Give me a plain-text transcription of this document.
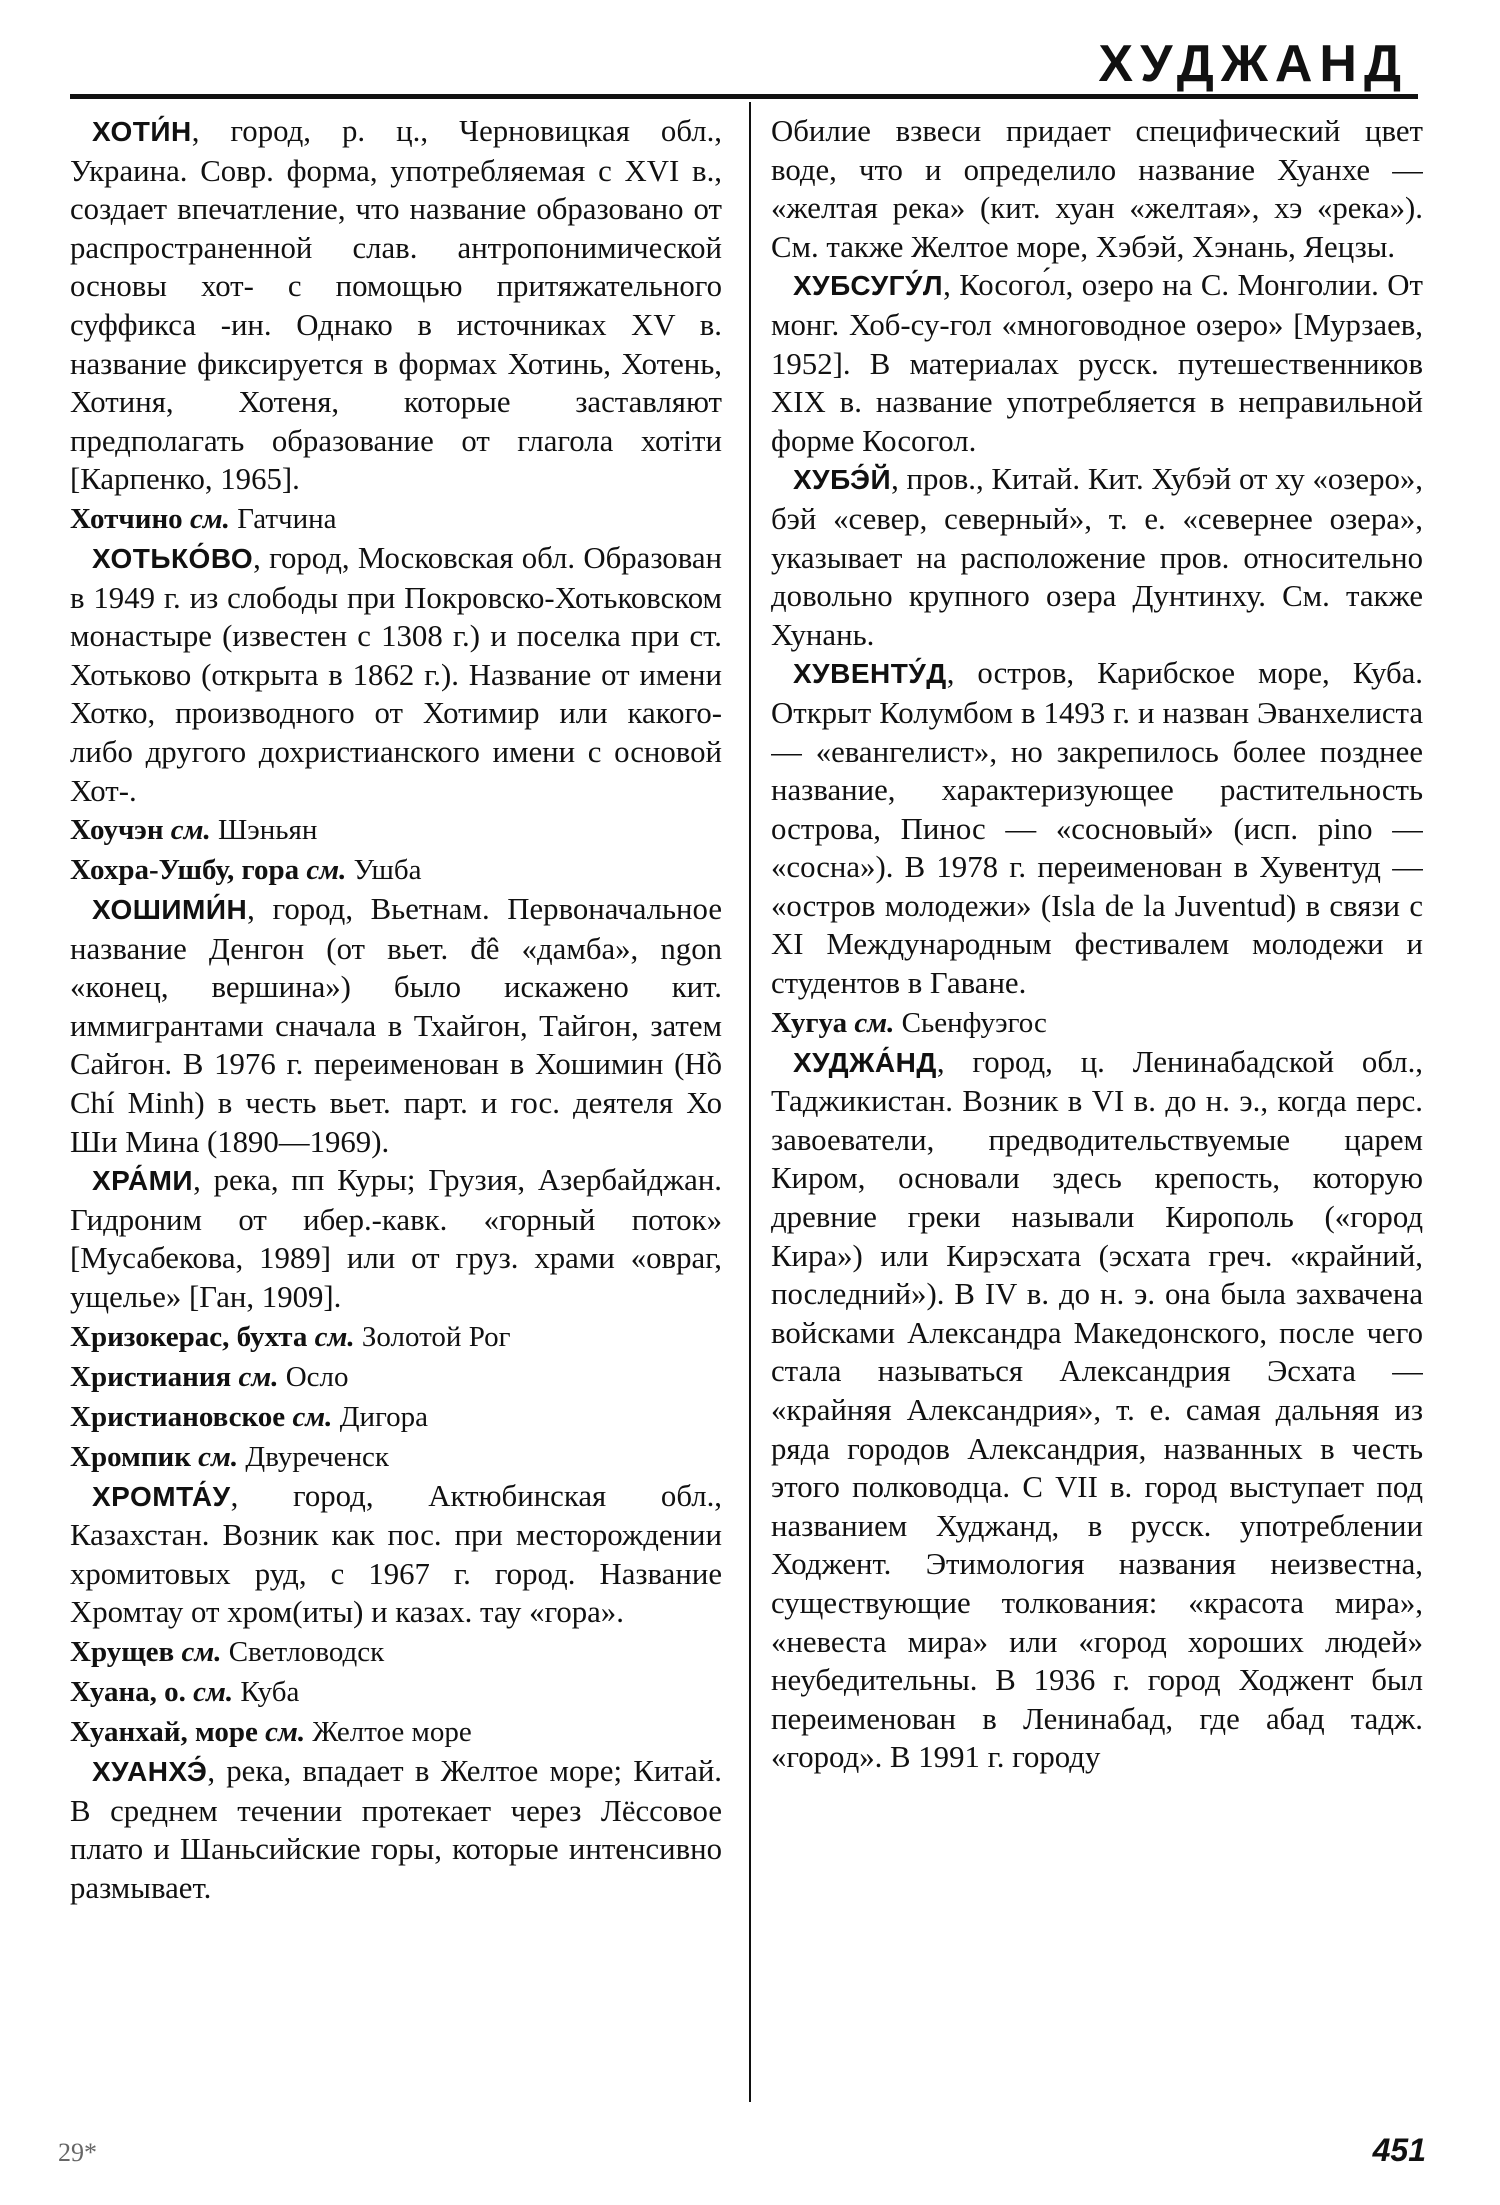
ХУДЖАНД

ХОТИ́Н, город, р. ц., Черновицкая обл., Украина. Совр. форма, употребляемая с XVI в., создает впечатление, что название образовано от распространенной слав. антропонимической основы хот- с помощью притяжательного суффикса -ин. Однако в источниках XV в. название фиксируется в формах Хотинь, Хотень, Хотиня, Хотеня, которые заставляют предполагать образование от глагола хотіти [Карпенко, 1965].

Хотчино см. Гатчина

ХОТЬКО́ВО, город, Московская обл. Образован в 1949 г. из слободы при Покровско-Хотьковском монастыре (известен с 1308 г.) и поселка при ст. Хотьково (открыта в 1862 г.). Название от имени Хотко, производного от Хотимир или какого-либо другого дохристианского имени с основой Хот-.

Хоучэн см. Шэньян

Хохра-Ушбу, гора см. Ушба

ХОШИМИ́Н, город, Вьетнам. Первоначальное название Денгон (от вьет. đê «дамба», ngon «конец, вершина») было искажено кит. иммигрантами сначала в Тхайгон, Тайгон, затем Сайгон. В 1976 г. переименован в Хошимин (Hồ Chí Minh) в честь вьет. парт. и гос. деятеля Хо Ши Мина (1890—1969).

ХРА́МИ, река, пп Куры; Грузия, Азербайджан. Гидроним от ибер.-кавк. «горный поток» [Мусабекова, 1989] или от груз. храми «овраг, ущелье» [Ган, 1909].

Хризокерас, бухта см. Золотой Рог

Христиания см. Осло

Христиановское см. Дигора

Хромпик см. Двуреченск

ХРОМТА́У, город, Актюбинская обл., Казахстан. Возник как пос. при месторождении хромитовых руд, с 1967 г. город. Название Хромтау от хром(иты) и казах. тау «гора».

Хрущев см. Светловодск

Хуана, о. см. Куба

Хуанхай, море см. Желтое море

ХУАНХЭ́, река, впадает в Желтое море; Китай. В среднем течении протекает через Лёссовое плато и Шаньсийские горы, которые интенсивно размывает.

Обилие взвеси придает специфический цвет воде, что и определило название Хуанхе — «желтая река» (кит. хуан «желтая», хэ «река»). См. также Желтое море, Хэбэй, Хэнань, Яецзы.

ХУБСУГУ́Л, Косого́л, озеро на С. Монголии. От монг. Хоб-су-гол «многоводное озеро» [Мурзаев, 1952]. В материалах русск. путешественников XIX в. название употребляется в неправильной форме Косогол.

ХУБЭ́Й, пров., Китай. Кит. Хубэй от ху «озеро», бэй «север, северный», т. е. «севернее озера», указывает на расположение пров. относительно довольно крупного озера Дунтинху. См. также Хунань.

ХУВЕНТУ́Д, остров, Карибское море, Куба. Открыт Колумбом в 1493 г. и назван Эванхелиста — «евангелист», но закрепилось более позднее название, характеризующее растительность острова, Пинос — «сосновый» (исп. pino — «сосна»). В 1978 г. переименован в Хувентуд — «остров молодежи» (Isla de la Juventud) в связи с XI Международным фестивалем молодежи и студентов в Гаване.

Хугуа см. Сьенфуэгос

ХУДЖА́НД, город, ц. Ленинабадской обл., Таджикистан. Возник в VI в. до н. э., когда перс. завоеватели, предводительствуемые царем Киром, основали здесь крепость, которую древние греки называли Кирополь («город Кира») или Кирэсхата (эсхата греч. «крайний, последний»). В IV в. до н. э. она была захвачена войсками Александра Македонского, после чего стала называться Александрия Эсхата — «крайняя Александрия», т. е. самая дальняя из ряда городов Александрия, названных в честь этого полководца. С VII в. город выступает под названием Худжанд, в русск. употреблении Ходжент. Этимология названия неизвестна, существующие толкования: «красота мира», «невеста мира» или «город хороших людей» неубедительны. В 1936 г. город Ходжент был переименован в Ленинабад, где абад тадж. «город». В 1991 г. городу

29*	451
